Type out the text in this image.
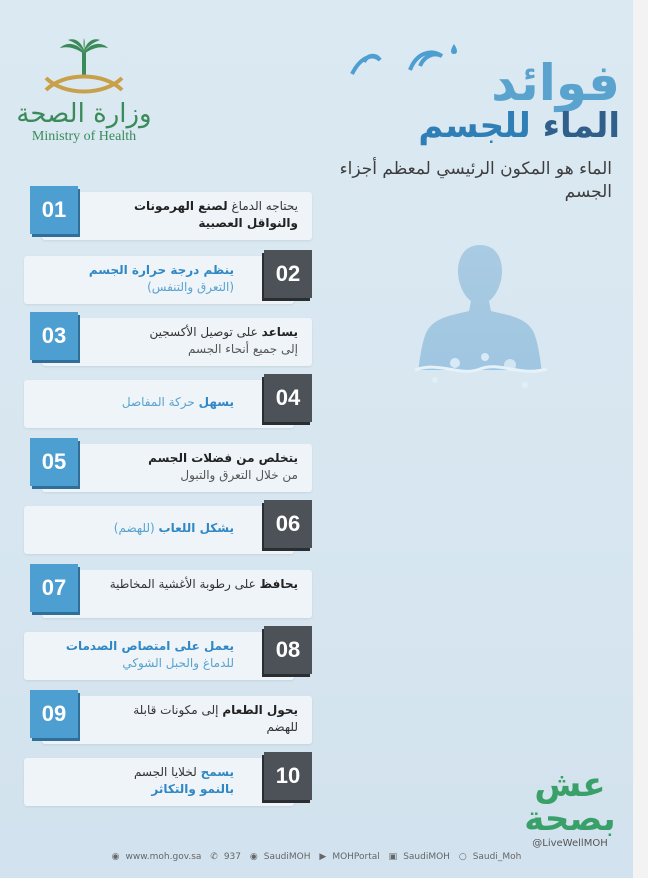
وزارة الصحة
Ministry of Health
فوائد
الماء للجسم
الماء هو المكون الرئيسي لمعظم أجزاء الجسم
يحتاجه الدماغ لصنع الهرمونات والنواقل العصبية
01
ينظم درجة حرارة الجسم
(التعرق والتنفس)
02
يساعد على توصيل الأكسجين
إلى جميع أنحاء الجسم
03
يسهل حركة المفاصل	04
يتخلص من فضلات الجسم
من خلال التعرق والتبول
05
يشكل اللعاب (للهضم)	06
يحافظ على رطوبة الأغشية المخاطية
07
يعمل على امتصاص الصدمات
للدماغ والحبل الشوكي
08
يحول الطعام إلى مكونات قابلة للهضم
09
يسمح لخلايا الجسم
بالنمو والتكاثر
10	عش بصحة
@LiveWellMOH
◉ www.moh.gov.sa ✆ 937 ◉ SaudiMOH ▶ MOHPortal ▣ SaudiMOH ○ Saudi_Moh
